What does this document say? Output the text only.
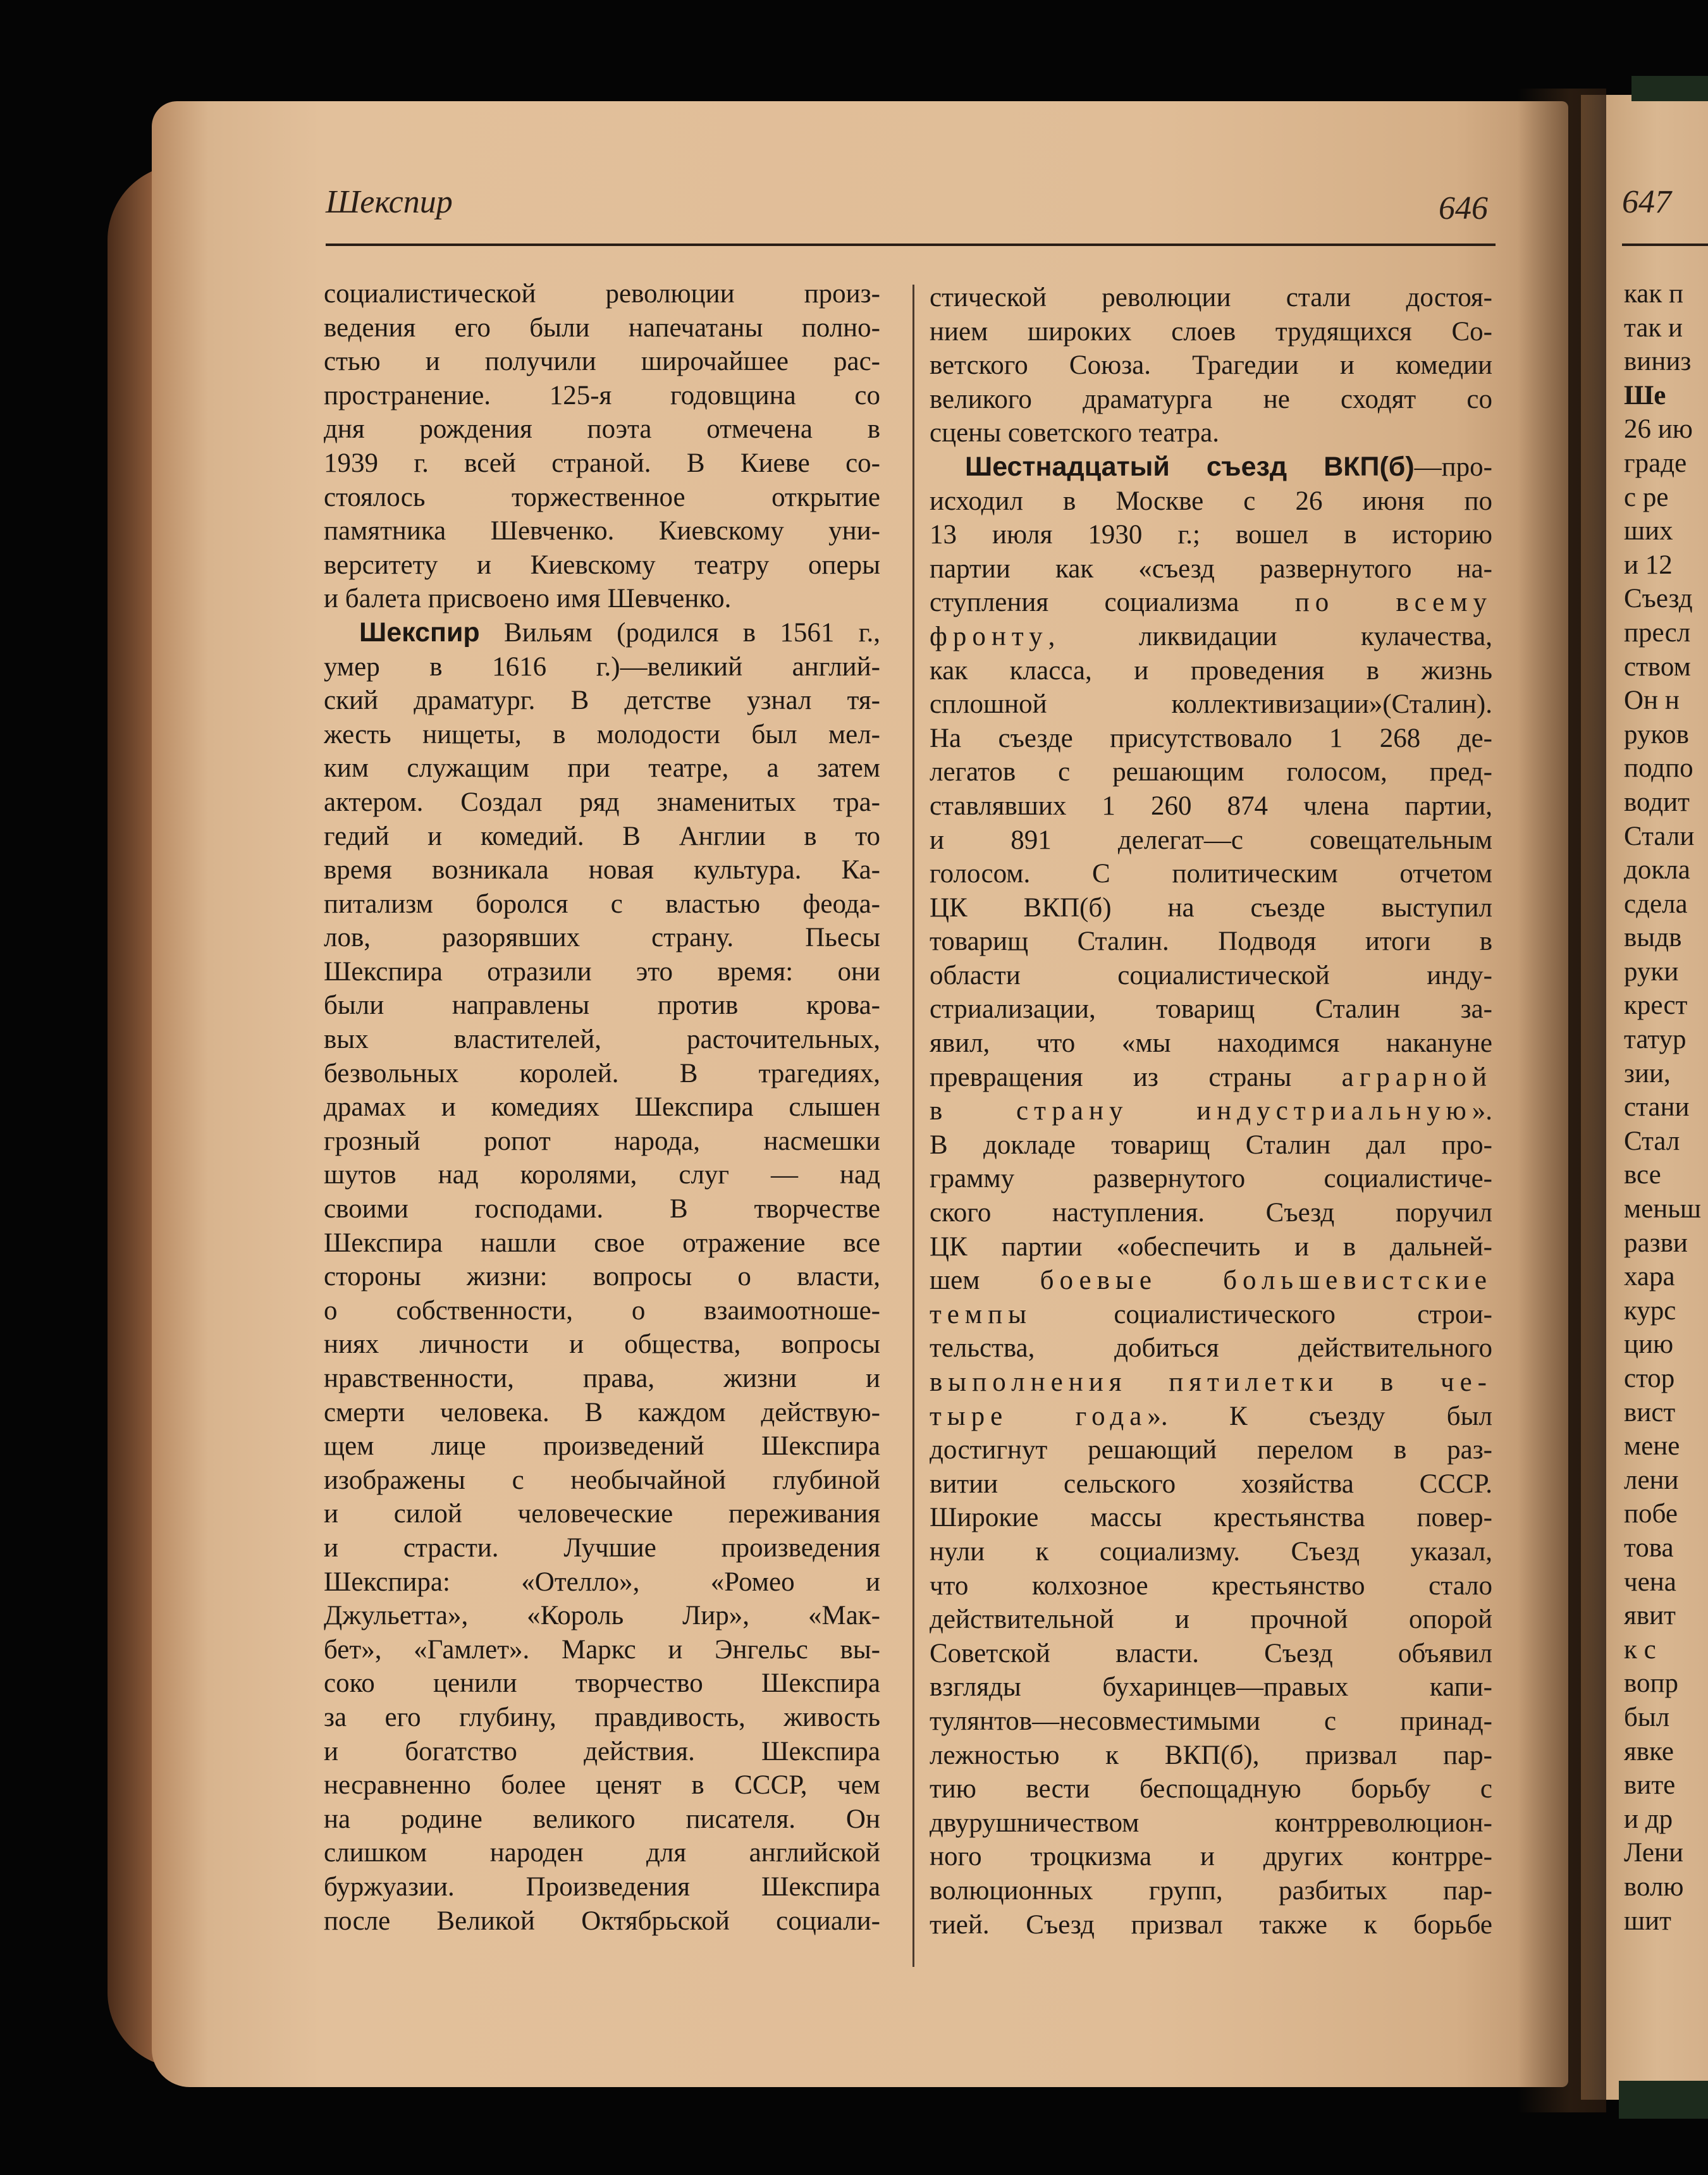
Шекспир	646	647
социалистической революции произ-
ведения его были напечатаны полно-
стью и получили широчайшее рас-
пространение. 125-я годовщина со
дня рождения поэта отмечена в
1939 г. всей страной. В Киеве со-
стоялось торжественное открытие
памятника Шевченко. Киевскому уни-
верситету и Киевскому театру оперы
и балета присвоено имя Шевченко.
Шекспир Вильям (родился в 1561 г.,
умер в 1616 г.)—великий англий-
ский драматург. В детстве узнал тя-
жесть нищеты, в молодости был мел-
ким служащим при театре, а затем
актером. Создал ряд знаменитых тра-
гедий и комедий. В Англии в то
время возникала новая культура. Ка-
питализм боролся с властью феода-
лов, разорявших страну. Пьесы
Шекспира отразили это время: они
были направлены против крова-
вых властителей, расточительных,
безвольных королей. В трагедиях,
драмах и комедиях Шекспира слышен
грозный ропот народа, насмешки
шутов над королями, слуг — над
своими господами. В творчестве
Шекспира нашли свое отражение все
стороны жизни: вопросы о власти,
о собственности, о взаимоотноше-
ниях личности и общества, вопросы
нравственности, права, жизни и
смерти человека. В каждом действую-
щем лице произведений Шекспира
изображены с необычайной глубиной
и силой человеческие переживания
и страсти. Лучшие произведения
Шекспира: «Отелло», «Ромео и
Джульетта», «Король Лир», «Мак-
бет», «Гамлет». Маркс и Энгельс вы-
соко ценили творчество Шекспира
за его глубину, правдивость, живость
и богатство действия. Шекспира
несравненно более ценят в СССР, чем
на родине великого писателя. Он
слишком народен для английской
буржуазии. Произведения Шекспира
после Великой Октябрьской социали-
стической революции стали достоя-
нием широких слоев трудящихся Со-
ветского Союза. Трагедии и комедии
великого драматурга не сходят со
сцены советского театра.
Шестнадцатый съезд ВКП(б)—про-
исходил в Москве с 26 июня по
13 июля 1930 г.; вошел в историю
партии как «съезд развернутого на-
ступления социализма по всему
фронту, ликвидации кулачества,
как класса, и проведения в жизнь
сплошной коллективизации»(Сталин).
На съезде присутствовало 1 268 де-
легатов с решающим голосом, пред-
ставлявших 1 260 874 члена партии,
и 891 делегат—с совещательным
голосом. С политическим отчетом
ЦК ВКП(б) на съезде выступил
товарищ Сталин. Подводя итоги в
области социалистической инду-
стриализации, товарищ Сталин за-
явил, что «мы находимся накануне
превращения из страны аграрной
в страну индустриальную».
В докладе товарищ Сталин дал про-
грамму развернутого социалистиче-
ского наступления. Съезд поручил
ЦК партии «обеспечить и в дальней-
шем боевые большевистские
темпы социалистического строи-
тельства, добиться действительного
выполнения пятилетки в че-
тыре года». К съезду был
достигнут решающий перелом в раз-
витии сельского хозяйства СССР.
Широкие массы крестьянства повер-
нули к социализму. Съезд указал,
что колхозное крестьянство стало
действительной и прочной опорой
Советской власти. Съезд объявил
взгляды бухаринцев—правых капи-
тулянтов—несовместимыми с принад-
лежностью к ВКП(б), призвал пар-
тию вести беспощадную борьбу с
двурушничеством контрреволюцион-
ного троцкизма и других контрре-
волюционных групп, разбитых пар-
тией. Съезд призвал также к борьбе
как п
так и
виниз
Ше
26 ию
граде
с ре
ших
и 12
Съезд
пресл
ством
Он н
руков
подпо
водит
Стали
докла
сдела
выдв
руки
крест
татур
зии,
стани
Стал
все
меньш
разви
хара
курс
цию
стор
вист
мене
лени
побе
това
чена
явит
к с
вопр
был
явке
вите
и др
Лени
волю
шит
